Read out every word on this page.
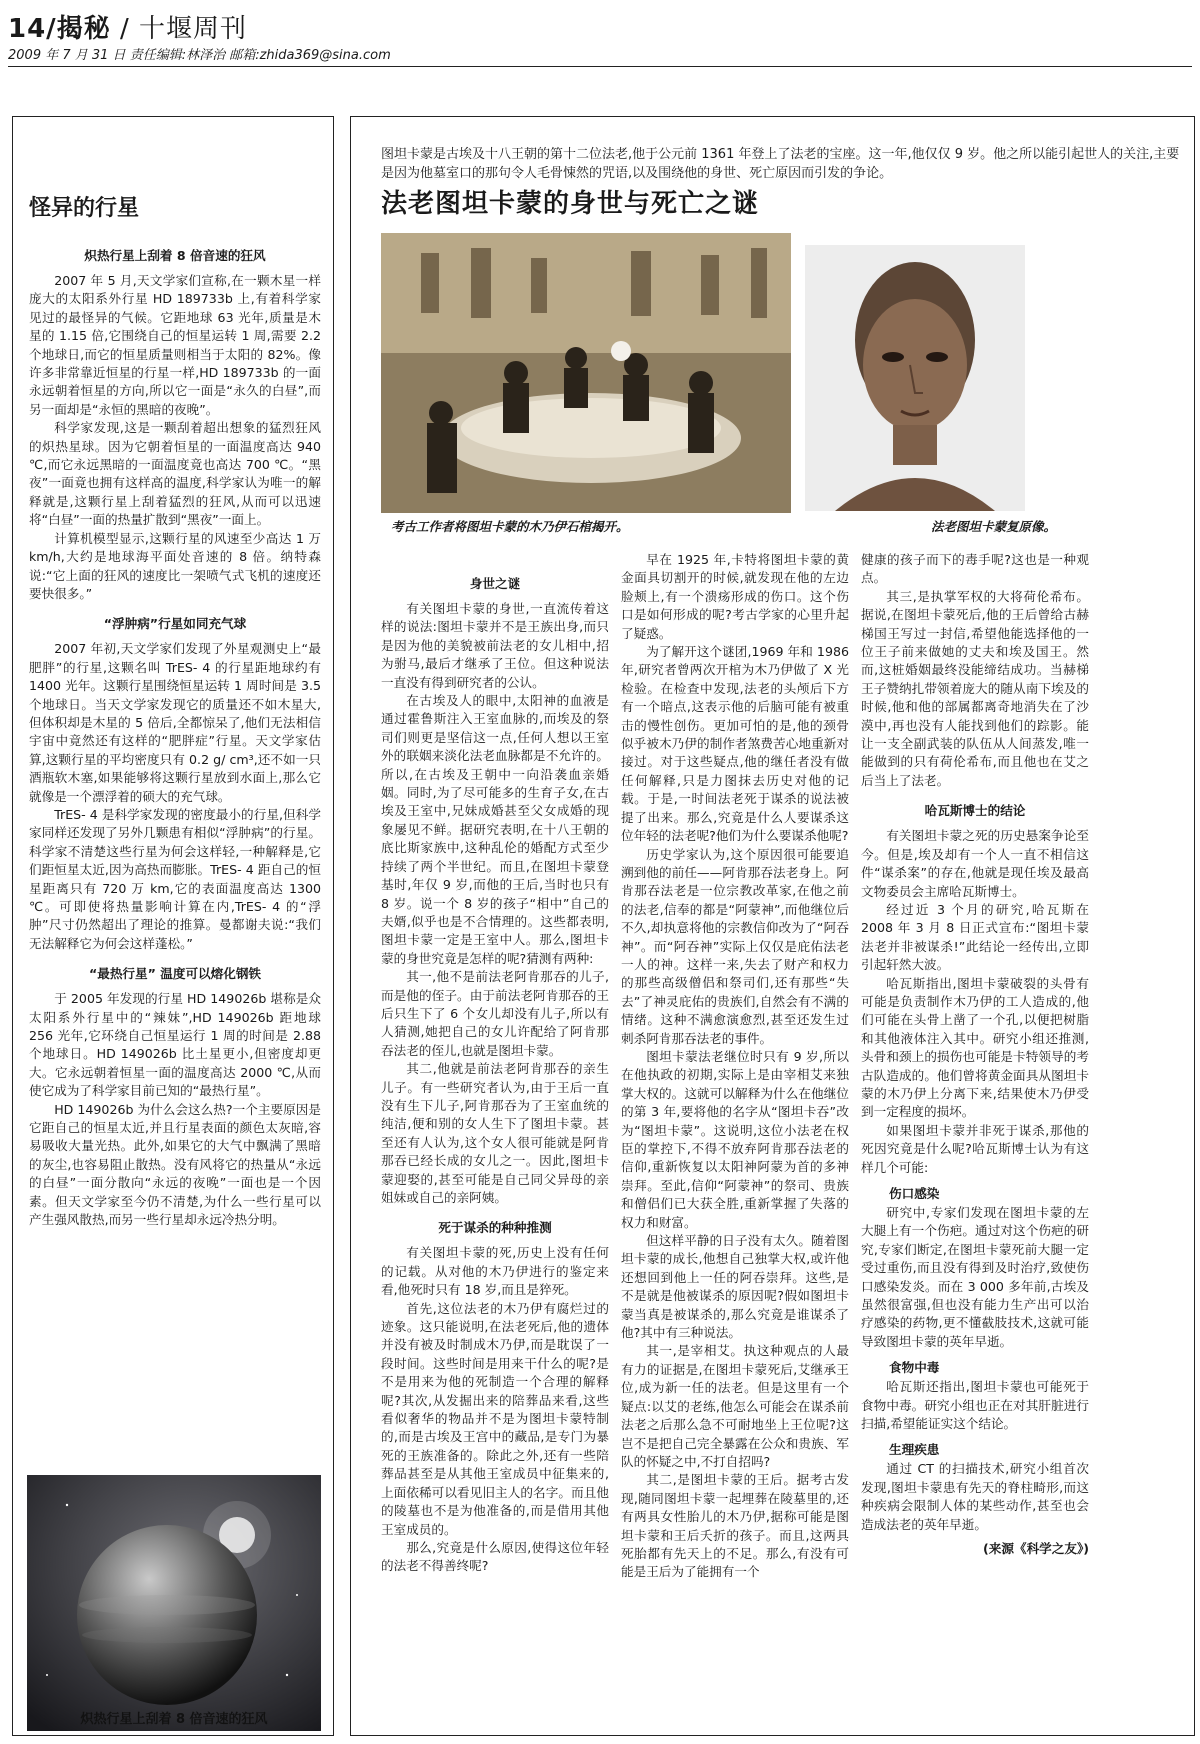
14/揭秘 / 十堰周刊
2009 年 7 月 31 日 责任编辑:林泽治 邮箱:zhida369@sina.com
怪异的行星
炽热行星上刮着 8 倍音速的狂风

2007 年 5 月,天文学家们宣称,在一颗木星一样庞大的太阳系外行星 HD 189733b 上,有着科学家见过的最怪异的气候。它距地球 63 光年,质量是木星的 1.15 倍,它围绕自己的恒星运转 1 周,需要 2.2 个地球日,而它的恒星质量则相当于太阳的 82%。像许多非常靠近恒星的行星一样,HD 189733b 的一面永远朝着恒星的方向,所以它一面是“永久的白昼”,而另一面却是“永恒的黑暗的夜晚”。

科学家发现,这是一颗刮着超出想象的猛烈狂风的炽热星球。因为它朝着恒星的一面温度高达 940 ℃,而它永远黑暗的一面温度竟也高达 700 ℃。“黑夜”一面竟也拥有这样高的温度,科学家认为唯一的解释就是,这颗行星上刮着猛烈的狂风,从而可以迅速将“白昼”一面的热量扩散到“黑夜”一面上。

计算机模型显示,这颗行星的风速至少高达 1 万 km/h,大约是地球海平面处音速的 8 倍。纳特森说:“它上面的狂风的速度比一架喷气式飞机的速度还要快很多。”

“浮肿病”行星如同充气球

2007 年初,天文学家们发现了外星观测史上“最肥胖”的行星,这颗名叫 TrES- 4 的行星距地球约有 1400 光年。这颗行星围绕恒星运转 1 周时间是 3.5 个地球日。当天文学家发现它的质量还不如木星大,但体积却是木星的 5 倍后,全都惊呆了,他们无法相信宇宙中竟然还有这样的“肥胖症”行星。天文学家估算,这颗行星的平均密度只有 0.2 g/ cm³,还不如一只酒瓶软木塞,如果能够将这颗行星放到水面上,那么它就像是一个漂浮着的硕大的充气球。

TrES- 4 是科学家发现的密度最小的行星,但科学家同样还发现了另外几颗患有相似“浮肿病”的行星。科学家不清楚这些行星为何会这样轻,一种解释是,它们距恒星太近,因为高热而膨胀。TrES- 4 距自己的恒星距离只有 720 万 km,它的表面温度高达 1300 ℃。可即使将热量影响计算在内,TrES- 4 的“浮肿”尺寸仍然超出了理论的推算。曼都谢夫说:“我们无法解释它为何会这样蓬松。”

“最热行星” 温度可以熔化钢铁

于 2005 年发现的行星 HD 149026b 堪称是众太阳系外行星中的“辣妹”,HD 149026b 距地球 256 光年,它环绕自己恒星运行 1 周的时间是 2.88 个地球日。HD 149026b 比土星更小,但密度却更大。它永远朝着恒星一面的温度高达 2000 ℃,从而使它成为了科学家目前已知的“最热行星”。

HD 149026b 为什么会这么热?一个主要原因是它距自己的恒星太近,并且行星表面的颜色太灰暗,容易吸收大量光热。此外,如果它的大气中飘满了黑暗的灰尘,也容易阻止散热。没有风将它的热量从“永远的白昼”一面分散向“永远的夜晚”一面也是一个因素。但天文学家至今仍不清楚,为什么一些行星可以产生强风散热,而另一些行星却永远冷热分明。

炽热行星上刮着 8 倍音速的狂风
图坦卡蒙是古埃及十八王朝的第十二位法老,他于公元前 1361 年登上了法老的宝座。这一年,他仅仅 9 岁。他之所以能引起世人的关注,主要是因为他墓室口的那句令人毛骨悚然的咒语,以及围绕他的身世、死亡原因而引发的争论。
法老图坦卡蒙的身世与死亡之谜
考古工作者将图坦卡蒙的木乃伊石棺揭开。	法老图坦卡蒙复原像。
身世之谜

有关图坦卡蒙的身世,一直流传着这样的说法:图坦卡蒙并不是王族出身,而只是因为他的美貌被前法老的女儿相中,招为驸马,最后才继承了王位。但这种说法一直没有得到研究者的公认。

在古埃及人的眼中,太阳神的血液是通过霍鲁斯注入王室血脉的,而埃及的祭司们则更是坚信这一点,任何人想以王室外的联姻来淡化法老血脉都是不允许的。所以,在古埃及王朝中一向沿袭血亲婚姻。同时,为了尽可能多的生育子女,在古埃及王室中,兄妹成婚甚至父女成婚的现象屡见不鲜。据研究表明,在十八王朝的底比斯家族中,这种乱伦的婚配方式至少持续了两个半世纪。而且,在图坦卡蒙登基时,年仅 9 岁,而他的王后,当时也只有 8 岁。说一个 8 岁的孩子“相中”自己的夫婿,似乎也是不合情理的。这些都表明,图坦卡蒙一定是王室中人。那么,图坦卡蒙的身世究竟是怎样的呢?猜测有两种:

其一,他不是前法老阿肯那吞的儿子,而是他的侄子。由于前法老阿肯那吞的王后只生下了 6 个女儿却没有儿子,所以有人猜测,她把自己的女儿许配给了阿肯那吞法老的侄儿,也就是图坦卡蒙。

其二,他就是前法老阿肯那吞的亲生儿子。有一些研究者认为,由于王后一直没有生下儿子,阿肯那吞为了王室血统的纯洁,便和别的女人生下了图坦卡蒙。甚至还有人认为,这个女人很可能就是阿肯那吞已经长成的女儿之一。因此,图坦卡蒙迎娶的,甚至可能是自己同父异母的亲姐妹或自己的亲阿姨。

死于谋杀的种种推测

有关图坦卡蒙的死,历史上没有任何的记载。从对他的木乃伊进行的鉴定来看,他死时只有 18 岁,而且是猝死。

首先,这位法老的木乃伊有腐烂过的迹象。这只能说明,在法老死后,他的遗体并没有被及时制成木乃伊,而是耽误了一段时间。这些时间是用来干什么的呢?是不是用来为他的死制造一个合理的解释呢?其次,从发掘出来的陪葬品来看,这些看似奢华的物品并不是为图坦卡蒙特制的,而是古埃及王宫中的藏品,是专门为暴死的王族准备的。除此之外,还有一些陪葬品甚至是从其他王室成员中征集来的,上面依稀可以看见旧主人的名字。而且他的陵墓也不是为他准备的,而是借用其他王室成员的。

那么,究竟是什么原因,使得这位年轻的法老不得善终呢?

早在 1925 年,卡特将图坦卡蒙的黄金面具切割开的时候,就发现在他的左边脸颊上,有一个溃疡形成的伤口。这个伤口是如何形成的呢?考古学家的心里升起了疑惑。

为了解开这个谜团,1969 年和 1986 年,研究者曾两次开棺为木乃伊做了 X 光检验。在检查中发现,法老的头颅后下方有一个暗点,这表示他的后脑可能有被重击的慢性创伤。更加可怕的是,他的颈骨似乎被木乃伊的制作者煞费苦心地重新对接过。对于这些疑点,他的继任者没有做任何解释,只是力图抹去历史对他的记载。于是,一时间法老死于谋杀的说法被提了出来。那么,究竟是什么人要谋杀这位年轻的法老呢?他们为什么要谋杀他呢?

历史学家认为,这个原因很可能要追溯到他的前任——阿肯那吞法老身上。阿肯那吞法老是一位宗教改革家,在他之前的法老,信奉的都是“阿蒙神”,而他继位后不久,却执意将他的宗教信仰改为了“阿吞神”。而“阿吞神”实际上仅仅是庇佑法老一人的神。这样一来,失去了财产和权力的那些高级僧侣和祭司们,还有那些“失去”了神灵庇佑的贵族们,自然会有不满的情绪。这种不满愈演愈烈,甚至还发生过刺杀阿肯那吞法老的事件。

图坦卡蒙法老继位时只有 9 岁,所以在他执政的初期,实际上是由宰相艾来独掌大权的。这就可以解释为什么在他继位的第 3 年,要将他的名字从“图坦卡吞”改为“图坦卡蒙”。这说明,这位小法老在权臣的掌控下,不得不放弃阿肯那吞法老的信仰,重新恢复以太阳神阿蒙为首的多神崇拜。至此,信仰“阿蒙神”的祭司、贵族和僧侣们已大获全胜,重新掌握了失落的权力和财富。

但这样平静的日子没有太久。随着图坦卡蒙的成长,他想自己独掌大权,或许他还想回到他上一任的阿吞崇拜。这些,是不是就是他被谋杀的原因呢?假如图坦卡蒙当真是被谋杀的,那么究竟是谁谋杀了他?其中有三种说法。

其一,是宰相艾。执这种观点的人最有力的证据是,在图坦卡蒙死后,艾继承王位,成为新一任的法老。但是这里有一个疑点:以艾的老练,他怎么可能会在谋杀前法老之后那么急不可耐地坐上王位呢?这岂不是把自己完全暴露在公众和贵族、军队的怀疑之中,不打自招吗?

其二,是图坦卡蒙的王后。据考古发现,随同图坦卡蒙一起埋葬在陵墓里的,还有两具女性胎儿的木乃伊,据称可能是图坦卡蒙和王后夭折的孩子。而且,这两具死胎都有先天上的不足。那么,有没有可能是王后为了能拥有一个

健康的孩子而下的毒手呢?这也是一种观点。

其三,是执掌军权的大将荷伦希布。据说,在图坦卡蒙死后,他的王后曾给古赫梯国王写过一封信,希望他能选择他的一位王子前来做她的丈夫和埃及国王。然而,这桩婚姻最终没能缔结成功。当赫梯王子赞纳扎带领着庞大的随从南下埃及的时候,他和他的部属都离奇地消失在了沙漠中,再也没有人能找到他们的踪影。能让一支全副武装的队伍从人间蒸发,唯一能做到的只有荷伦希布,而且他也在艾之后当上了法老。

哈瓦斯博士的结论

有关图坦卡蒙之死的历史悬案争论至今。但是,埃及却有一个人一直不相信这件“谋杀案”的存在,他就是现任埃及最高文物委员会主席哈瓦斯博士。

经过近 3 个月的研究,哈瓦斯在 2008 年 3 月 8 日正式宣布:“图坦卡蒙法老并非被谋杀!”此结论一经传出,立即引起轩然大波。

哈瓦斯指出,图坦卡蒙破裂的头骨有可能是负责制作木乃伊的工人造成的,他们可能在头骨上凿了一个孔,以便把树脂和其他液体注入其中。研究小组还推测,头骨和颈上的损伤也可能是卡特领导的考古队造成的。他们曾将黄金面具从图坦卡蒙的木乃伊上分离下来,结果使木乃伊受到一定程度的损坏。

如果图坦卡蒙并非死于谋杀,那他的死因究竟是什么呢?哈瓦斯博士认为有这样几个可能:

伤口感染

研究中,专家们发现在图坦卡蒙的左大腿上有一个伤疤。通过对这个伤疤的研究,专家们断定,在图坦卡蒙死前大腿一定受过重伤,而且没有得到及时治疗,致使伤口感染发炎。而在 3 000 多年前,古埃及虽然很富强,但也没有能力生产出可以治疗感染的药物,更不懂截肢技术,这就可能导致图坦卡蒙的英年早逝。

食物中毒

哈瓦斯还指出,图坦卡蒙也可能死于食物中毒。研究小组也正在对其肝脏进行扫描,希望能证实这个结论。

生理疾患

通过 CT 的扫描技术,研究小组首次发现,图坦卡蒙患有先天的脊柱畸形,而这种疾病会限制人体的某些动作,甚至也会造成法老的英年早逝。

(来源《科学之友》)
